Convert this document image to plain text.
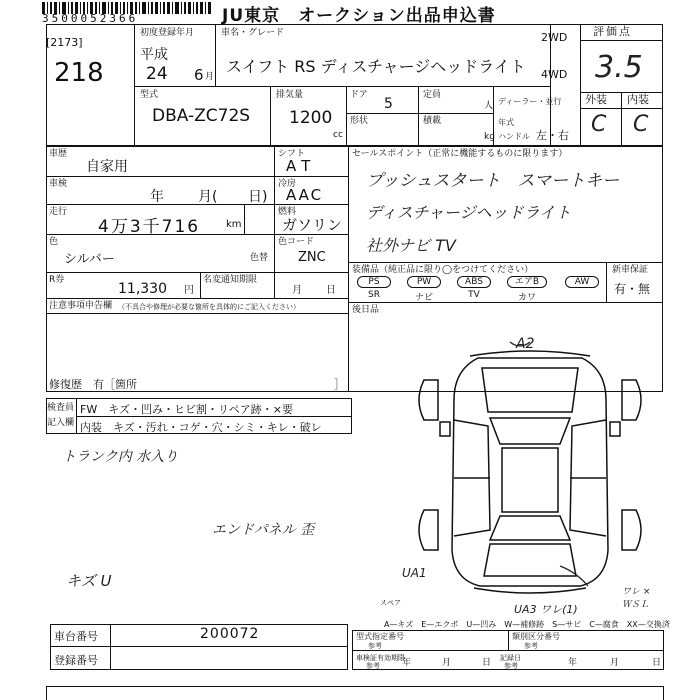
3500052366	JU東京　オークション出品申込書
[2173]
218
初度登録年月
平成
24 6 月
車名・グレード
スイフト RS ディスチャージヘッドライト
2WD
4WD
評価点
3.5
外装 内装
C C
型式
DBA-ZC72S
排気量
1200
cc
ドア
5
形状
定員
人
積載
kg
ディーラー・並行
年式
ハンドル 左・右
車歴
自家用
シフト
AT
車検
年 月( 日)
冷房
AAC
走行
4万3千716	km
燃料
ガソリン
色
シルバー	色替
色コード
ZNC
R券
11,330 円
名変通知期限
月 日
注意事項申告欄 （不具合や修理が必要な箇所を具体的にご記入ください）
修復歴　有［箇所	］
セールスポイント（正常に機能するものに限ります）
プッシュスタート　スマートキー
ディスチャージヘッドライト
社外ナビ TV
装備品（純正品に限り◯をつけてください）
PS	PW	ABS	エアB	AW
SR	ナビ	TV	カワ
新車保証
有・無
後日品
検査員
記入欄
FW　キズ・凹み・ヒビ割・リペア跡・×要
内装　キズ・汚れ・コゲ・穴・シミ・キレ・破レ
トランク内 水入り
エンドパネル 歪
キズ U
A2
UA1
UA3 ワレ(1)
ワレ ×ＷＳＬ
スペア
A—キズ　E—エクボ　U—凹み　W—補修跡　S—サビ　C—腐食　XX—交換済
車台番号	200072
登録番号
型式指定番号
参考
類別区分番号
参考
車検証有効期限
参考 年	月	日 記録日
参考	年	月	日
